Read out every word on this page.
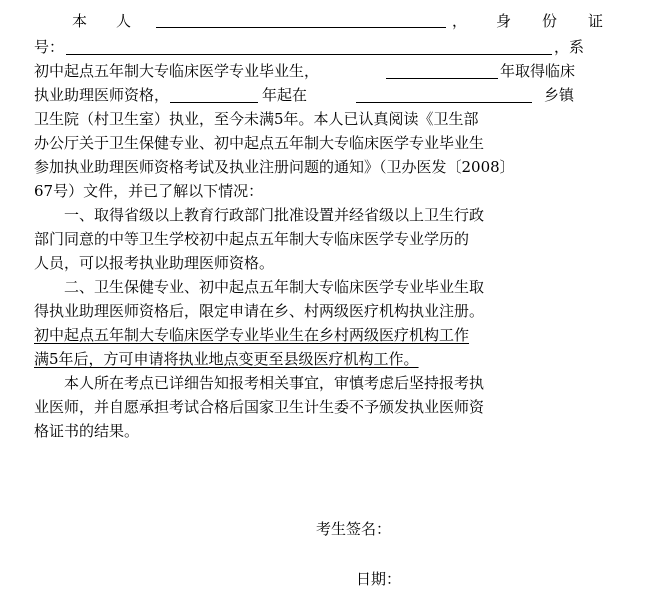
本 人	， 身 份 证
号：	，系
初中起点五年制大专临床医学专业毕业生，	年取得临床
执业助理医师资格，	年起在	乡镇
卫生院（村卫生室）执业，至今未满5年。本人已认真阅读《卫生部
办公厅关于卫生保健专业、初中起点五年制大专临床医学专业毕业生
参加执业助理医师资格考试及执业注册问题的通知》（卫办医发〔2008〕
67号）文件，并已了解以下情况：
一、取得省级以上教育行政部门批准设置并经省级以上卫生行政
部门同意的中等卫生学校初中起点五年制大专临床医学专业学历的
人员，可以报考执业助理医师资格。
二、卫生保健专业、初中起点五年制大专临床医学专业毕业生取
得执业助理医师资格后，限定申请在乡、村两级医疗机构执业注册。
初中起点五年制大专临床医学专业毕业生在乡村两级医疗机构工作
满5年后，方可申请将执业地点变更至县级医疗机构工作。
本人所在考点已详细告知报考相关事宜，审慎考虑后坚持报考执
业医师，并自愿承担考试合格后国家卫生计生委不予颁发执业医师资
格证书的结果。
考生签名：
日期：
